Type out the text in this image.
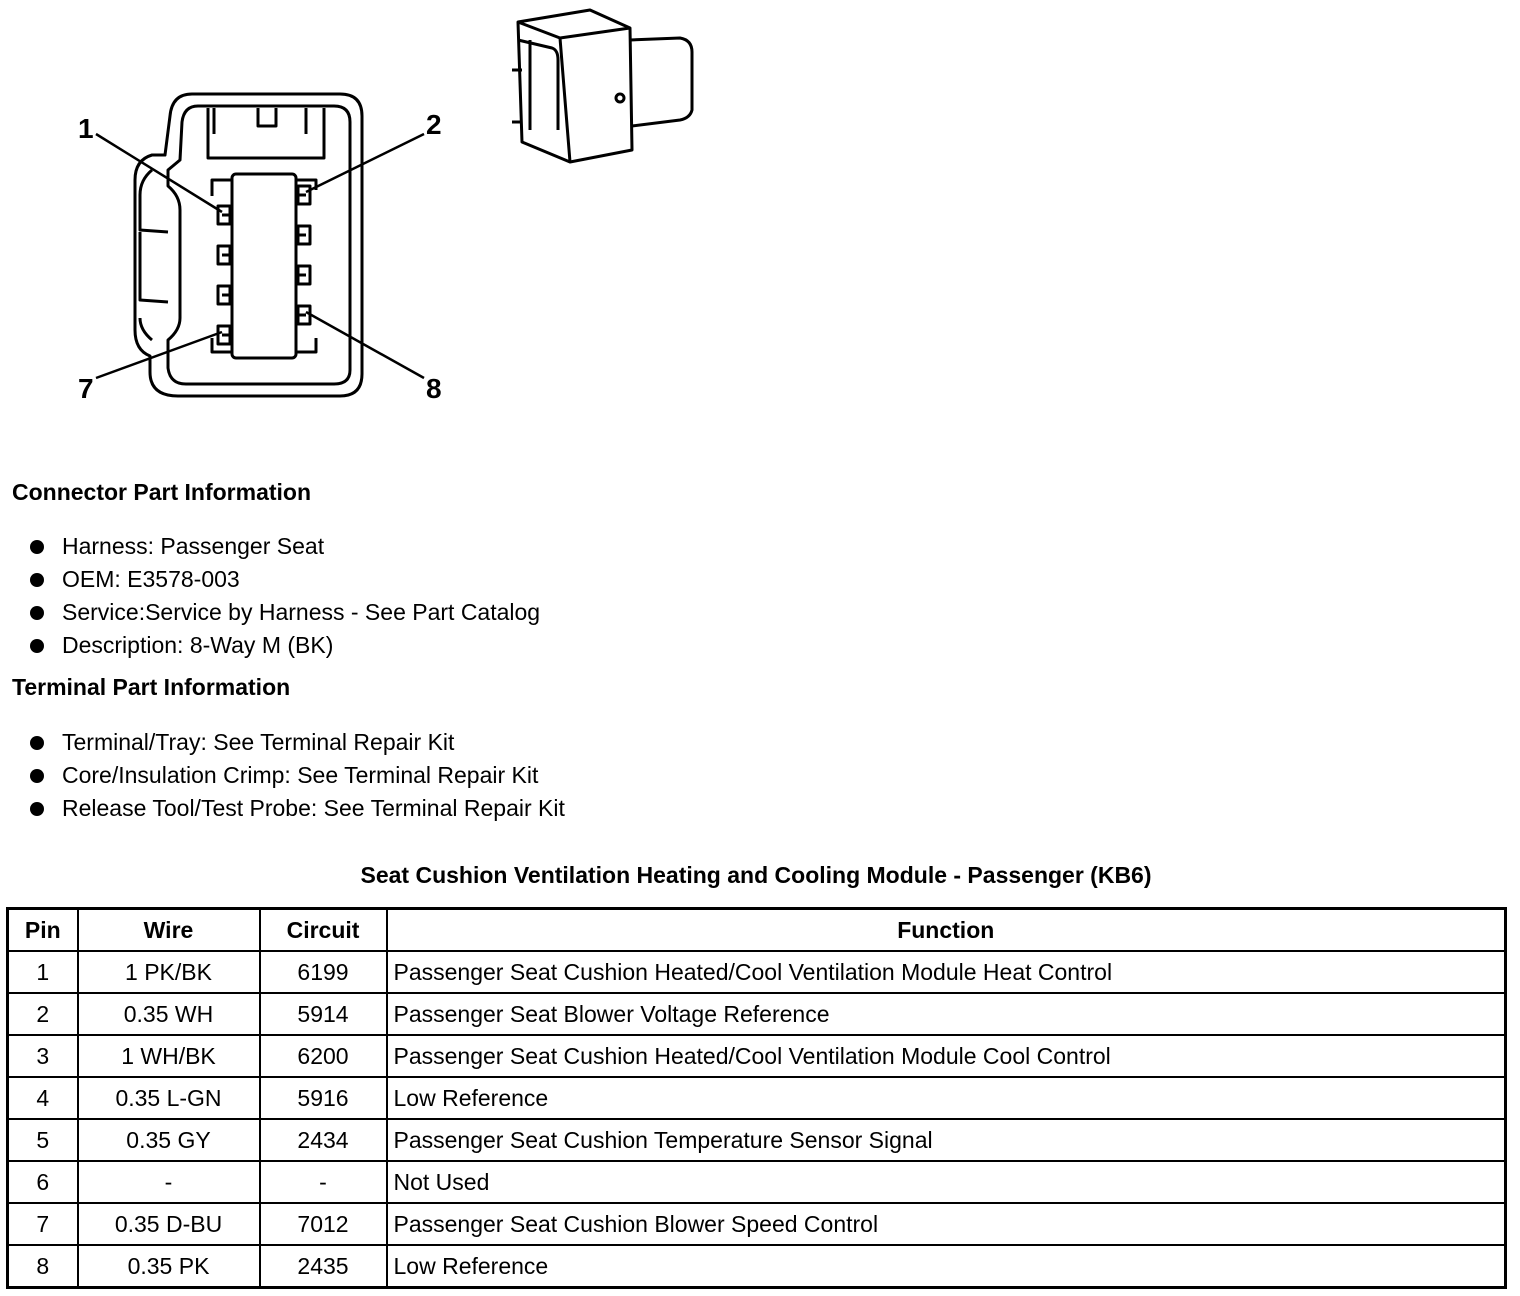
1	2
7	8
Connector Part Information
Harness: Passenger Seat
OEM: E3578-003
Service:Service by Harness - See Part Catalog
Description: 8-Way M (BK)
Terminal Part Information
Terminal/Tray: See Terminal Repair Kit
Core/Insulation Crimp: See Terminal Repair Kit
Release Tool/Test Probe: See Terminal Repair Kit
Seat Cushion Ventilation Heating and Cooling Module - Passenger (KB6)
Pin	Wire	Circuit	Function
1	1 PK/BK	6199	Passenger Seat Cushion Heated/Cool Ventilation Module Heat Control
2	0.35 WH	5914	Passenger Seat Blower Voltage Reference
3	1 WH/BK	6200	Passenger Seat Cushion Heated/Cool Ventilation Module Cool Control
4	0.35 L-GN	5916	Low Reference
5	0.35 GY	2434	Passenger Seat Cushion Temperature Sensor Signal
6	-	-	Not Used
7	0.35 D-BU	7012	Passenger Seat Cushion Blower Speed Control
8	0.35 PK	2435	Low Reference
